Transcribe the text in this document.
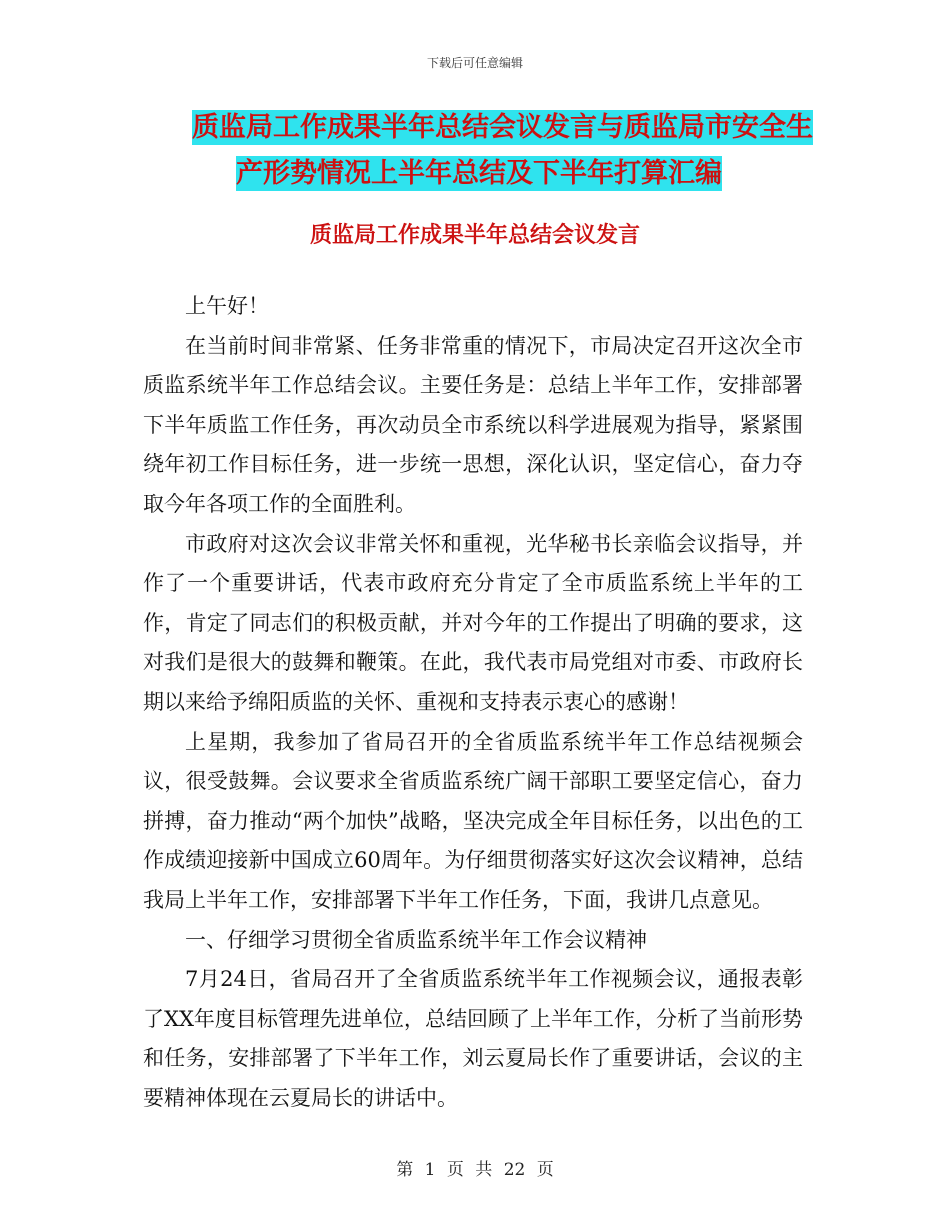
下载后可任意编辑
质监局工作成果半年总结会议发言与质监局市安全生
产形势情况上半年总结及下半年打算汇编
质监局工作成果半年总结会议发言

上午好！

在当前时间非常紧、任务非常重的情况下，市局决定召开这次全市质监系统半年工作总结会议。主要任务是：总结上半年工作，安排部署下半年质监工作任务，再次动员全市系统以科学进展观为指导，紧紧围绕年初工作目标任务，进一步统一思想，深化认识，坚定信心，奋力夺取今年各项工作的全面胜利。

市政府对这次会议非常关怀和重视，光华秘书长亲临会议指导，并作了一个重要讲话，代表市政府充分肯定了全市质监系统上半年的工作，肯定了同志们的积极贡献，并对今年的工作提出了明确的要求，这对我们是很大的鼓舞和鞭策。在此，我代表市局党组对市委、市政府长期以来给予绵阳质监的关怀、重视和支持表示衷心的感谢！

上星期，我参加了省局召开的全省质监系统半年工作总结视频会议，很受鼓舞。会议要求全省质监系统广阔干部职工要坚定信心，奋力拼搏，奋力推动“两个加快”战略，坚决完成全年目标任务，以出色的工作成绩迎接新中国成立60周年。为仔细贯彻落实好这次会议精神，总结我局上半年工作，安排部署下半年工作任务，下面，我讲几点意见。

一、仔细学习贯彻全省质监系统半年工作会议精神

7月24日，省局召开了全省质监系统半年工作视频会议，通报表彰了XX年度目标管理先进单位，总结回顾了上半年工作，分析了当前形势和任务，安排部署了下半年工作，刘云夏局长作了重要讲话，会议的主要精神体现在云夏局长的讲话中。

第 1 页 共 22 页
